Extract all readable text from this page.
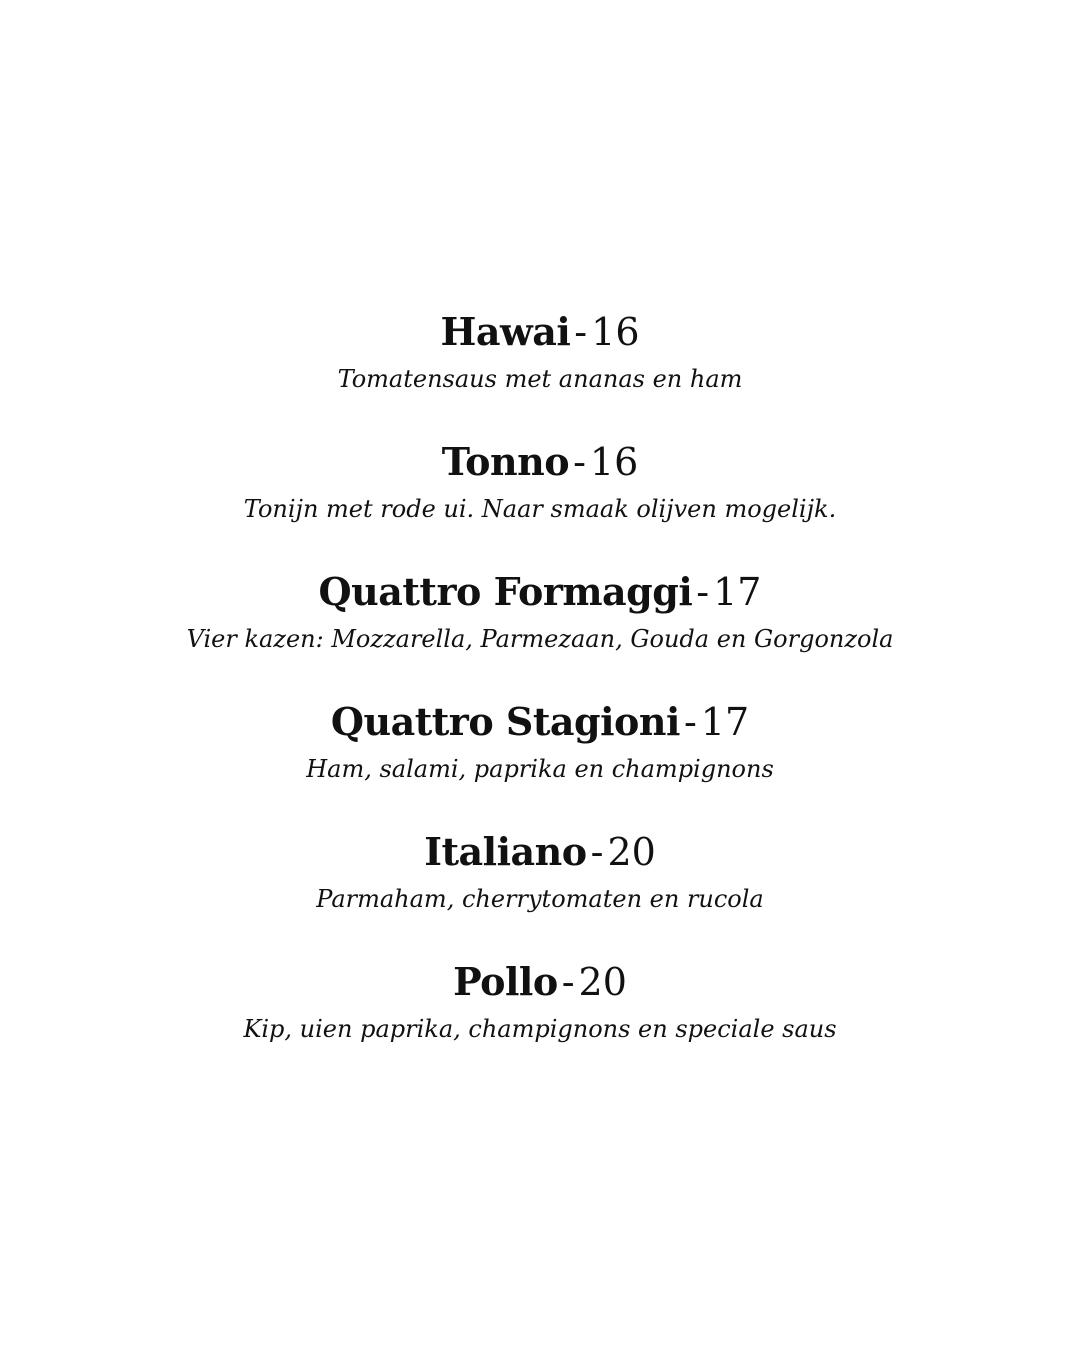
Hawai - 16
Tomatensaus met ananas en ham
Tonno - 16
Tonijn met rode ui. Naar smaak olijven mogelijk.
Quattro Formaggi - 17
Vier kazen: Mozzarella, Parmezaan, Gouda en Gorgonzola
Quattro Stagioni - 17
Ham, salami, paprika en champignons
Italiano - 20
Parmaham, cherrytomaten en rucola
Pollo - 20
Kip, uien paprika, champignons en speciale saus
